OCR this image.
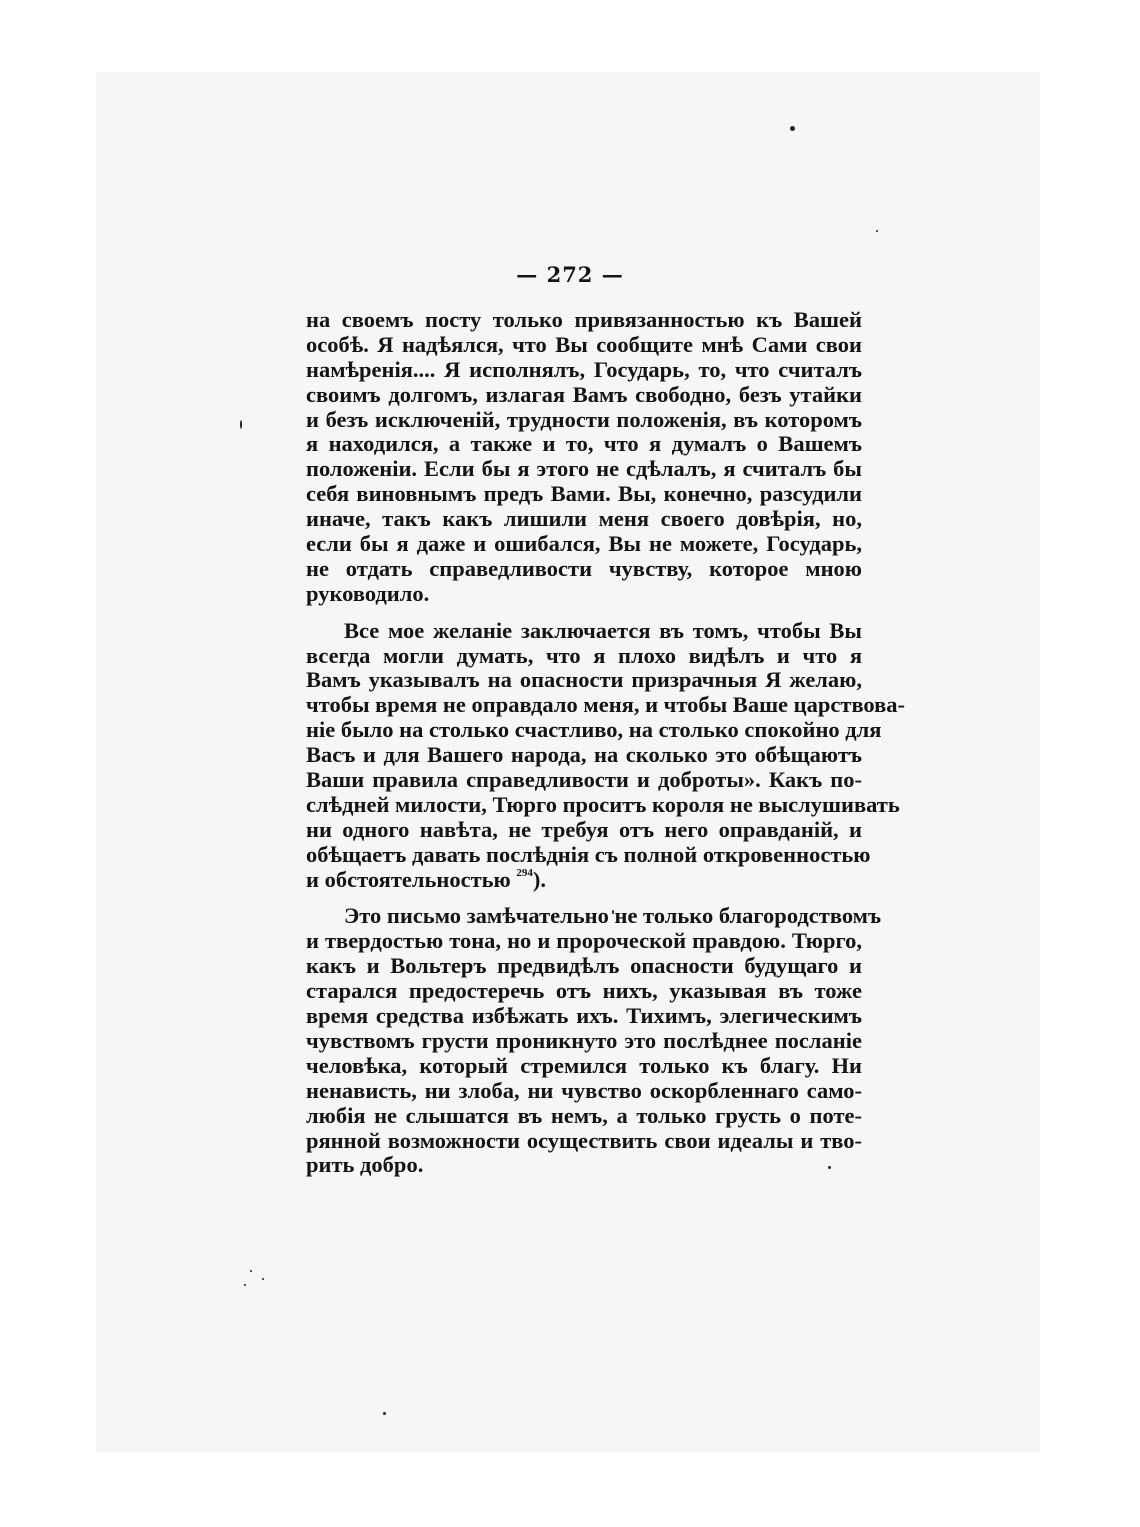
— 272 —
на своемъ посту только привязанностью къ Вашей
особѣ. Я надѣялся, что Вы сообщите мнѣ Сами свои
намѣренія.... Я исполнялъ, Государь, то, что считалъ
своимъ долгомъ, излагая Вамъ свободно, безъ утайки
и безъ исключеній, трудности положенія, въ которомъ
я находился, а также и то, что я думалъ о Вашемъ
положеніи. Если бы я этого не сдѣлалъ, я считалъ бы
себя виновнымъ предъ Вами. Вы, конечно, разсудили
иначе, такъ какъ лишили меня своего довѣрія, но,
если бы я даже и ошибался, Вы не можете, Государь,
не отдать справедливости чувству, которое мною
руководило.
Все мое желаніе заключается въ томъ, чтобы Вы
всегда могли думать, что я плохо видѣлъ и что я
Вамъ указывалъ на опасности призрачныя Я желаю,
чтобы время не оправдало меня, и чтобы Ваше царствова-
ніе было на столько счастливо, на столько спокойно для
Васъ и для Вашего народа, на сколько это обѣщаютъ
Ваши правила справедливости и доброты». Какъ по-
слѣдней милости, Тюрго проситъ короля не выслушивать
ни одного навѣта, не требуя отъ него оправданій, и
обѣщаетъ давать послѣднія съ полной откровенностью
и обстоятельностью $^{294}$).
Это письмо замѣчательно не только благородствомъ
и твердостью тона, но и пророческой правдою. Тюрго,
какъ и Вольтеръ предвидѣлъ опасности будущаго и
старался предостеречь отъ нихъ, указывая въ тоже
время средства избѣжать ихъ. Тихимъ, элегическимъ
чувствомъ грусти проникнуто это послѣднее посланіе
человѣка, который стремился только къ благу. Ни
ненависть, ни злоба, ни чувство оскорбленнаго само-
любія не слышатся въ немъ, а только грусть о поте-
рянной возможности осуществить свои идеалы и тво-
рить добро.
